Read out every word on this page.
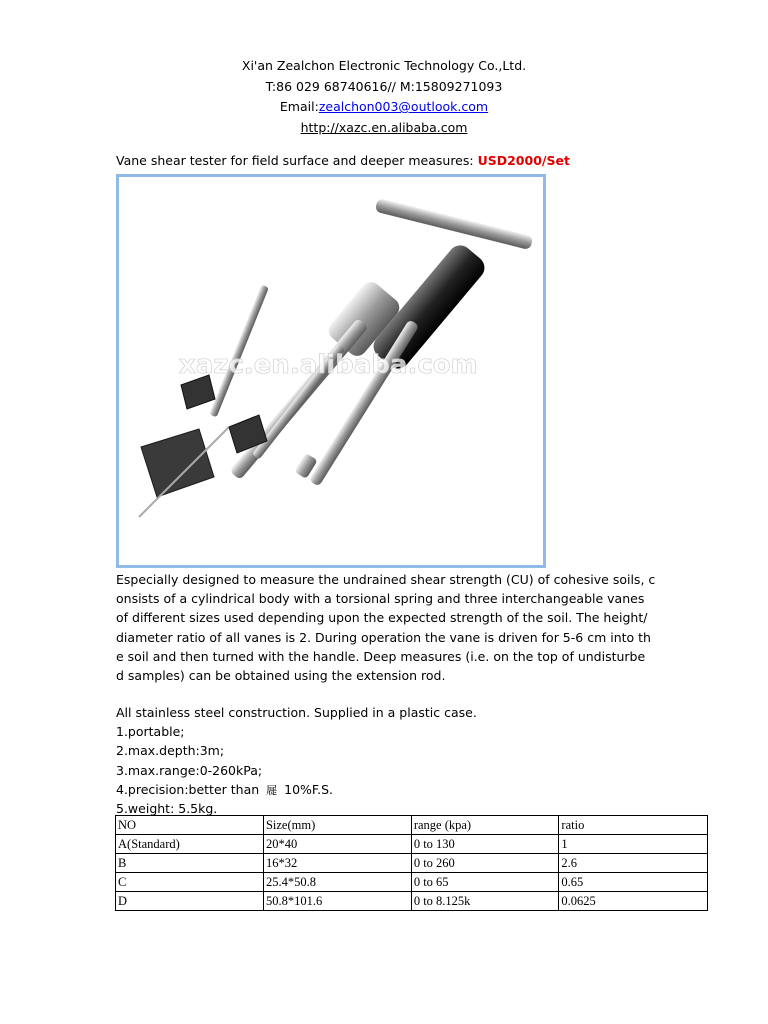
Xi'an Zealchon Electronic Technology Co.,Ltd.
T:86 029 68740616// M:15809271093
Email:zealchon003@outlook.com
http://xazc.en.alibaba.com
Vane shear tester for field surface and deeper measures: USD2000/Set
xazc.en.alibaba.com
Especially designed to measure the undrained shear strength (CU) of cohesive soils, c
onsists of a cylindrical body with a torsional spring and three interchangeable vanes
of different sizes used depending upon the expected strength of the soil. The height/
diameter ratio of all vanes is 2. During operation the vane is driven for 5-6 cm into th
e soil and then turned with the handle. Deep measures (i.e. on the top of undisturbe
d samples) can be obtained using the extension rod.
All stainless steel construction. Supplied in a plastic case.
1.portable;
2.max.depth:3m;
3.max.range:0-260kPa;
4.precision:better than 屣 10%F.S.
5.weight: 5.5kg.
NO	Size(mm)	range (kpa)	ratio
A(Standard)	20*40	0 to 130	1
B	16*32	0 to 260	2.6
C	25.4*50.8	0 to 65	0.65
D	50.8*101.6	0 to 8.125k	0.0625
